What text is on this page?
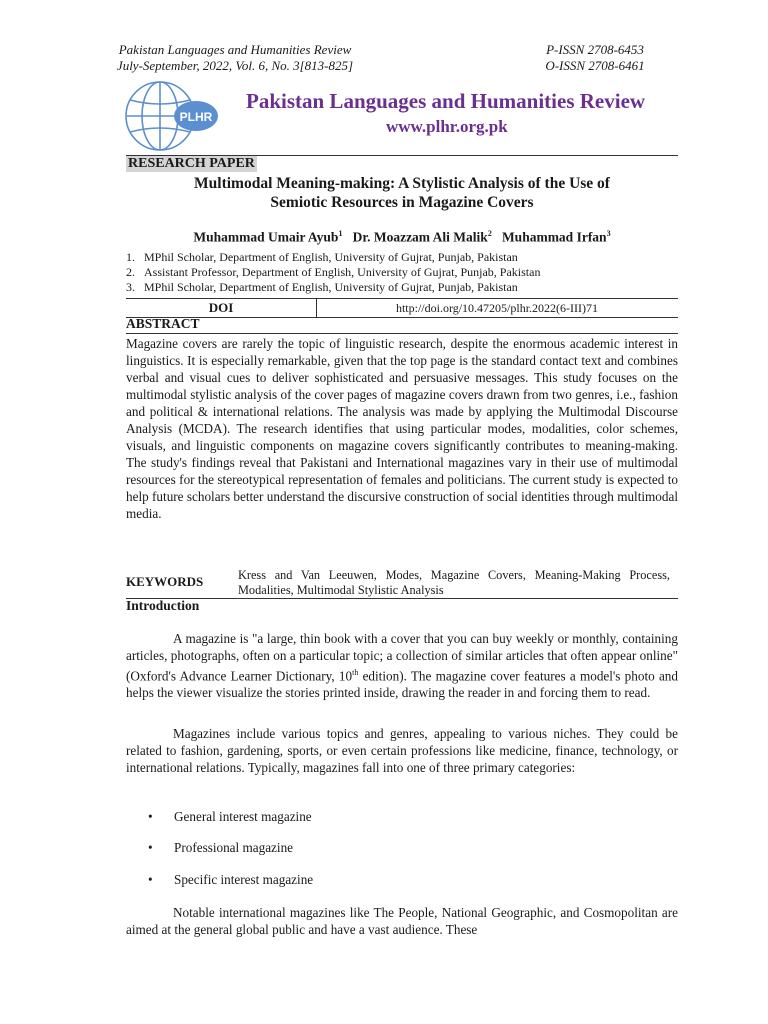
Pakistan Languages and Humanities Review
July-September, 2022, Vol. 6, No. 3[813-825]
P-ISSN 2708-6453
O-ISSN 2708-6461
PLHR
Pakistan Languages and Humanities Review
www.plhr.org.pk
RESEARCH PAPER
Multimodal Meaning-making: A Stylistic Analysis of the Use of
Semiotic Resources in Magazine Covers
Muhammad Umair Ayub$^1$ Dr. Moazzam Ali Malik$^2$ Muhammad Irfan$^3$
1. MPhil Scholar, Department of English, University of Gujrat, Punjab, Pakistan
2. Assistant Professor, Department of English, University of Gujrat, Punjab, Pakistan
3. MPhil Scholar, Department of English, University of Gujrat, Punjab, Pakistan
DOI	http://doi.org/10.47205/plhr.2022(6-III)71
ABSTRACT
Magazine covers are rarely the topic of linguistic research, despite the enormous academic interest in linguistics. It is especially remarkable, given that the top page is the standard contact text and combines verbal and visual cues to deliver sophisticated and persuasive messages. This study focuses on the multimodal stylistic analysis of the cover pages of magazine covers drawn from two genres, i.e., fashion and political & international relations. The analysis was made by applying the Multimodal Discourse Analysis (MCDA). The research identifies that using particular modes, modalities, color schemes, visuals, and linguistic components on magazine covers significantly contributes to meaning-making. The study's findings reveal that Pakistani and International magazines vary in their use of multimodal resources for the stereotypical representation of females and politicians. The current study is expected to help future scholars better understand the discursive construction of social identities through multimodal media.
KEYWORDS	Kress and Van Leeuwen, Modes, Magazine Covers, Meaning-Making Process, Modalities, Multimodal Stylistic Analysis
Introduction
A magazine is "a large, thin book with a cover that you can buy weekly or monthly, containing articles, photographs, often on a particular topic; a collection of similar articles that often appear online" (Oxford's Advance Learner Dictionary, 10th edition). The magazine cover features a model's photo and helps the viewer visualize the stories printed inside, drawing the reader in and forcing them to read.
Magazines include various topics and genres, appealing to various niches. They could be related to fashion, gardening, sports, or even certain professions like medicine, finance, technology, or international relations. Typically, magazines fall into one of three primary categories:
• General interest magazine
• Professional magazine
• Specific interest magazine
Notable international magazines like The People, National Geographic, and Cosmopolitan are aimed at the general global public and have a vast audience. These
